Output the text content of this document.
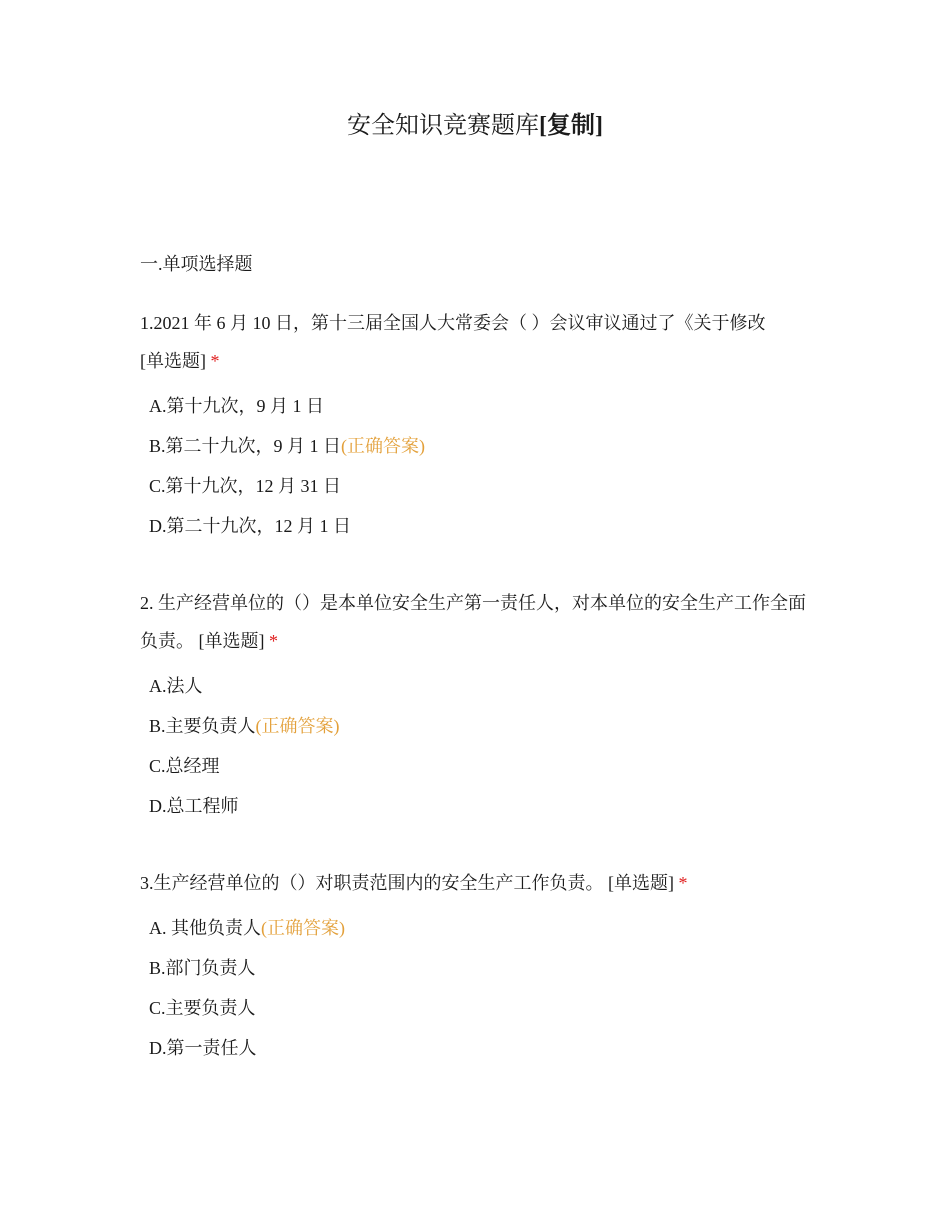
安全知识竞赛题库[复制]
一.单项选择题

1.2021 年 6 月 10 日，第十三届全国人大常委会（ ）会议审议通过了《关于修改
[单选题] *

A.第十九次，9 月 1 日
B.第二十九次，9 月 1 日(正确答案)
C.第十九次，12 月 31 日
D.第二十九次，12 月 1 日

2. 生产经营单位的（）是本单位安全生产第一责任人，对本单位的安全生产工作全面负责。 [单选题] *

A.法人
B.主要负责人(正确答案)
C.总经理
D.总工程师

3.生产经营单位的（）对职责范围内的安全生产工作负责。 [单选题] *

A. 其他负责人(正确答案)
B.部门负责人
C.主要负责人
D.第一责任人
